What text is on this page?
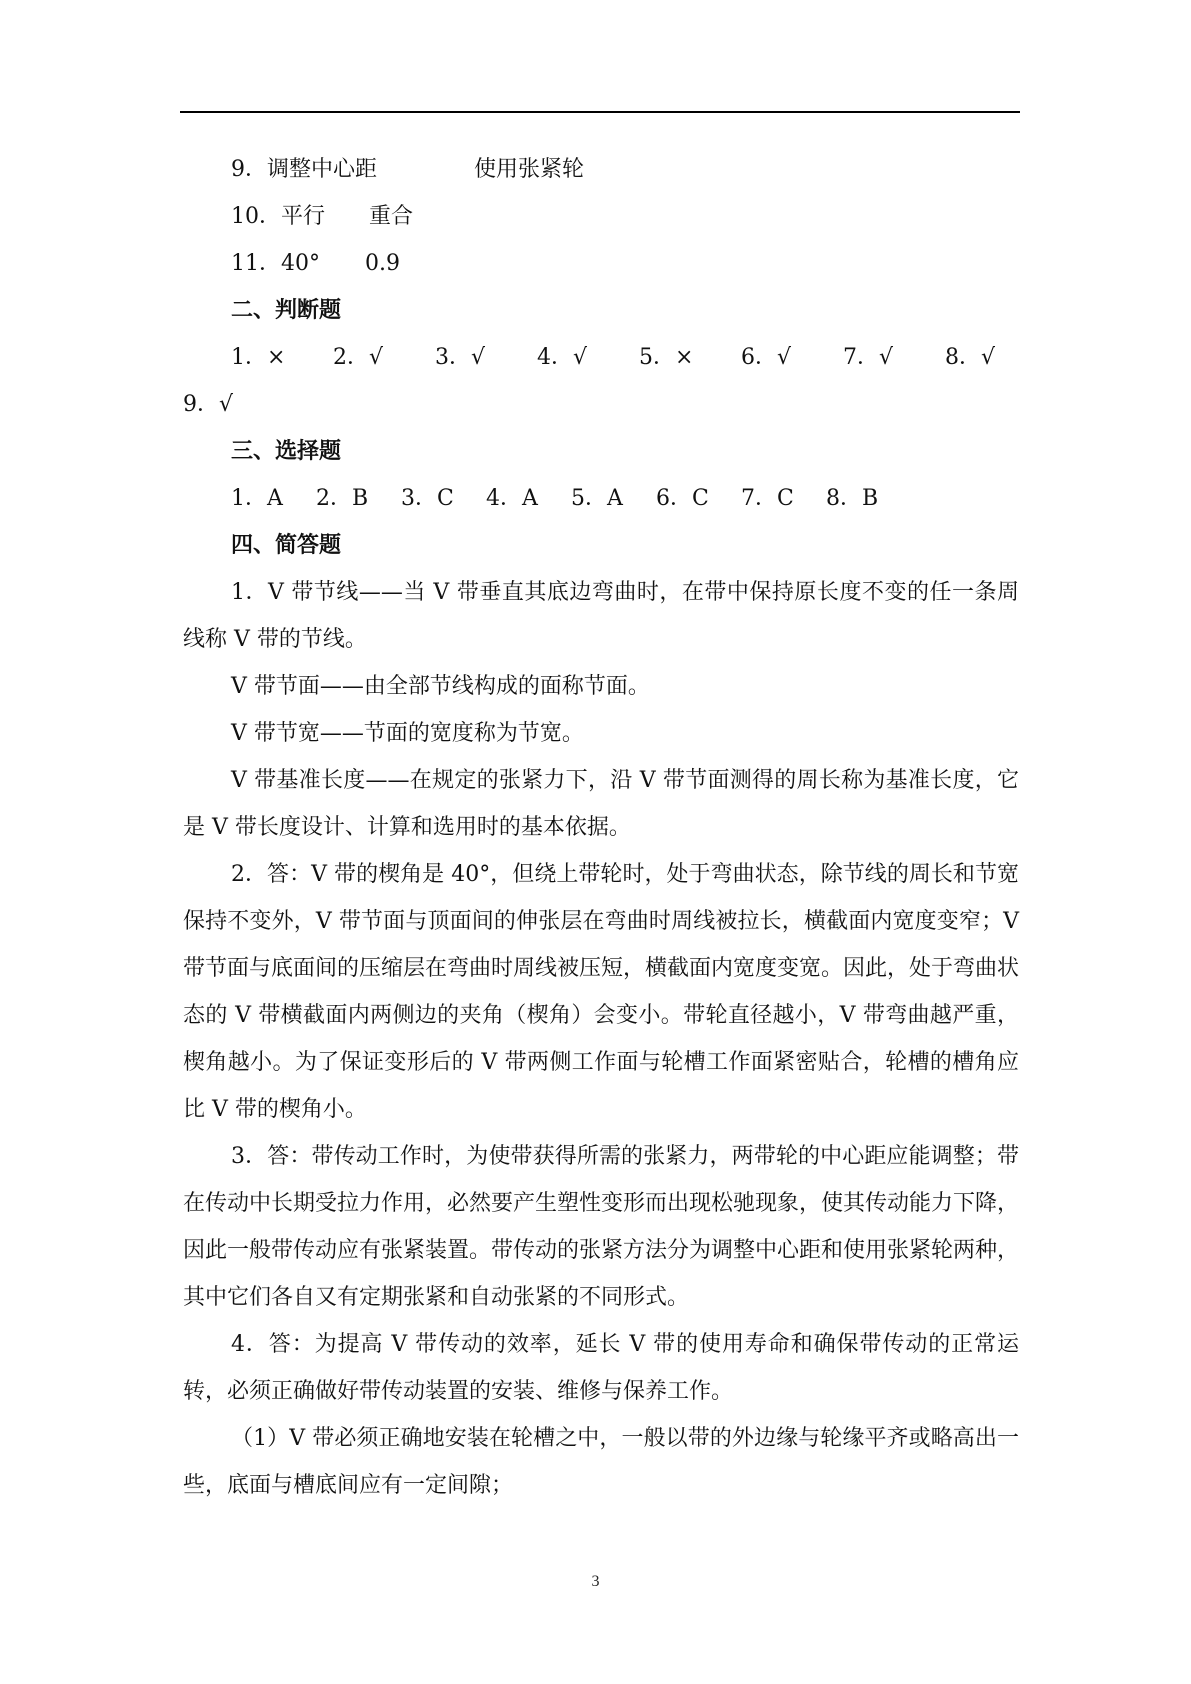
9． 调整中心距	使用张紧轮
10． 平行	重合
11． 40°	0.9

二、判断题

1．×	2．√	3．√	4．√	5．×	6．√	7．√	8．√

9．√

三、选择题

1．A	2．B	3．C	4．A	5．A	6．C	7．C	8．B

四、简答题

1．V 带节线——当 V 带垂直其底边弯曲时，在带中保持原长度不变的任一条周线称 V 带的节线。

V 带节面——由全部节线构成的面称节面。

V 带节宽——节面的宽度称为节宽。

V 带基准长度——在规定的张紧力下，沿 V 带节面测得的周长称为基准长度，它是 V 带长度设计、计算和选用时的基本依据。

2．答：V 带的楔角是 40°，但绕上带轮时，处于弯曲状态，除节线的周长和节宽保持不变外，V 带节面与顶面间的伸张层在弯曲时周线被拉长，横截面内宽度变窄；V 带节面与底面间的压缩层在弯曲时周线被压短，横截面内宽度变宽。因此，处于弯曲状态的 V 带横截面内两侧边的夹角（楔角）会变小。带轮直径越小，V 带弯曲越严重，楔角越小。为了保证变形后的 V 带两侧工作面与轮槽工作面紧密贴合，轮槽的槽角应比 V 带的楔角小。

3．答：带传动工作时，为使带获得所需的张紧力，两带轮的中心距应能调整；带在传动中长期受拉力作用，必然要产生塑性变形而出现松驰现象，使其传动能力下降，因此一般带传动应有张紧装置。带传动的张紧方法分为调整中心距和使用张紧轮两种，其中它们各自又有定期张紧和自动张紧的不同形式。

4．答：为提高 V 带传动的效率，延长 V 带的使用寿命和确保带传动的正常运转，必须正确做好带传动装置的安装、维修与保养工作。

（1）V 带必须正确地安装在轮槽之中，一般以带的外边缘与轮缘平齐或略高出一些，底面与槽底间应有一定间隙；

3
